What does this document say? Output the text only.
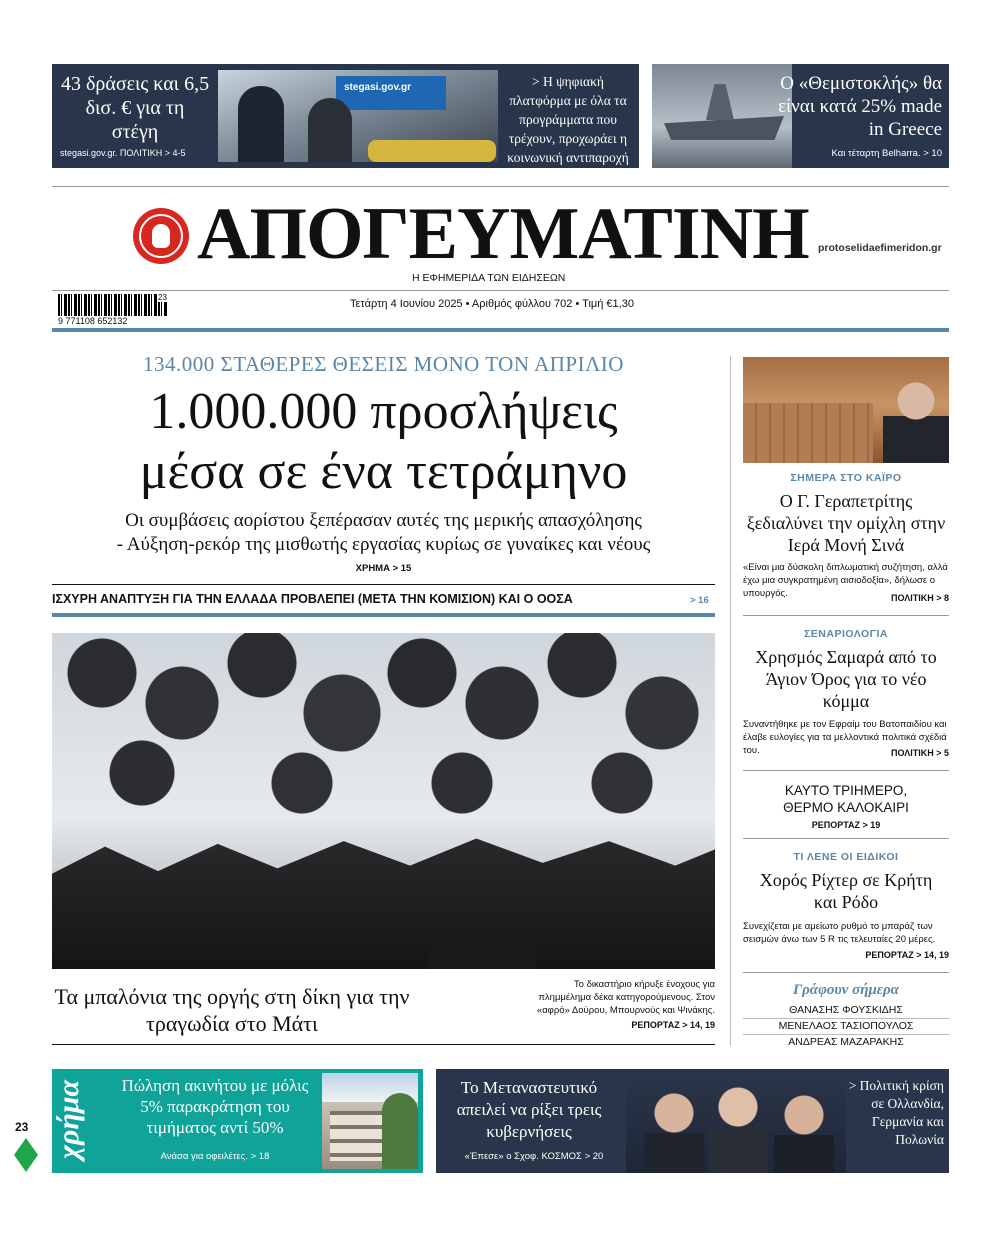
43 δράσεις και 6,5 δισ. € για τη στέγη
stegasi.gov.gr. ΠΟΛΙΤΙΚΗ > 4-5
stegasi.gov.gr	> Η ψηφιακή πλατφόρμα με όλα τα προγράμματα που τρέχουν, προχωράει η κοινωνική αντιπαροχή
Ο «Θεμιστοκλής» θα είναι κατά 25% made in Greece
Και τέταρτη Belharra. > 10
ΑΠΟΓΕΥΜΑΤΙΝΗ protoselidaefimeridon.gr
Η ΕΦΗΜΕΡΙΔΑ ΤΩΝ ΕΙΔΗΣΕΩΝ
23
9 771108 652132
Τετάρτη 4 Ιουνίου 2025 • Αριθμός φύλλου 702 • Τιμή €1,30
134.000 ΣΤΑΘΕΡΕΣ ΘΕΣΕΙΣ ΜΟΝΟ ΤΟΝ ΑΠΡΙΛΙΟ
1.000.000 προσλήψεις
μέσα σε ένα τετράμηνο
Οι συμβάσεις αορίστου ξεπέρασαν αυτές της μερικής απασχόλησης
- Αύξηση-ρεκόρ της μισθωτής εργασίας κυρίως σε γυναίκες και νέους
ΧΡΗΜΑ > 15
ΙΣΧΥΡΗ ΑΝΑΠΤΥΞΗ ΓΙΑ ΤΗΝ ΕΛΛΑΔΑ ΠΡΟΒΛΕΠΕΙ (ΜΕΤΑ ΤΗΝ ΚΟΜΙΣΙΟΝ) ΚΑΙ Ο ΟΟΣΑ	> 16
Τα μπαλόνια της οργής στη δίκη για την τραγωδία στο Μάτι
Το δικαστήριο κήρυξε ένοχους για πλημμέλημα δέκα κατηγορούμενους. Στον «αφρό» Δούρου, Μπουρνούς και Ψινάκης.
ΡΕΠΟΡΤΑΖ > 14, 19
ΣΗΜΕΡΑ ΣΤΟ ΚΑΪΡΟ
Ο Γ. Γεραπετρίτης ξεδιαλύνει την ομίχλη στην Ιερά Μονή Σινά
«Είναι μια δύσκολη διπλωματική συζήτηση, αλλά έχω μια συγκρατημένη αισιοδοξία», δήλωσε ο υπουργός.	ΠΟΛΙΤΙΚΗ > 8
ΣΕΝΑΡΙΟΛΟΓΙΑ
Χρησμός Σαμαρά από το Άγιον Όρος για το νέο κόμμα
Συναντήθηκε με τον Εφραίμ του Βατοπαιδίου και έλαβε ευλογίες για τα μελλοντικά πολιτικά σχέδιά του.	ΠΟΛΙΤΙΚΗ > 5
ΚΑΥΤΟ ΤΡΙΗΜΕΡΟ,
ΘΕΡΜΟ ΚΑΛΟΚΑΙΡΙ
ΡΕΠΟΡΤΑΖ > 19
ΤΙ ΛΕΝΕ ΟΙ ΕΙΔΙΚΟΙ
Χορός Ρίχτερ σε Κρήτη και Ρόδο
Συνεχίζεται με αμείωτο ρυθμό το μπαράζ των σεισμών άνω των 5 R τις τελευταίες 20 μέρες.
ΡΕΠΟΡΤΑΖ > 14, 19
Γράφουν σήμερα
ΘΑΝΑΣΗΣ ΦΟΥΣΚΙΔΗΣ
ΜΕΝΕΛΑΟΣ ΤΑΣΙΟΠΟΥΛΟΣ
ΑΝΔΡΕΑΣ ΜΑΖΑΡΑΚΗΣ
χρήμα	Πώληση ακινήτου με μόλις 5% παρακράτηση του τιμήματος αντί 50%
Ανάσα για οφειλέτες. > 18
Το Μεταναστευτικό απειλεί να ρίξει τρεις κυβερνήσεις
«Έπεσε» ο Σχοφ. ΚΟΣΜΟΣ > 20
> Πολιτική κρίση σε Ολλανδία, Γερμανία και Πολωνία
23
